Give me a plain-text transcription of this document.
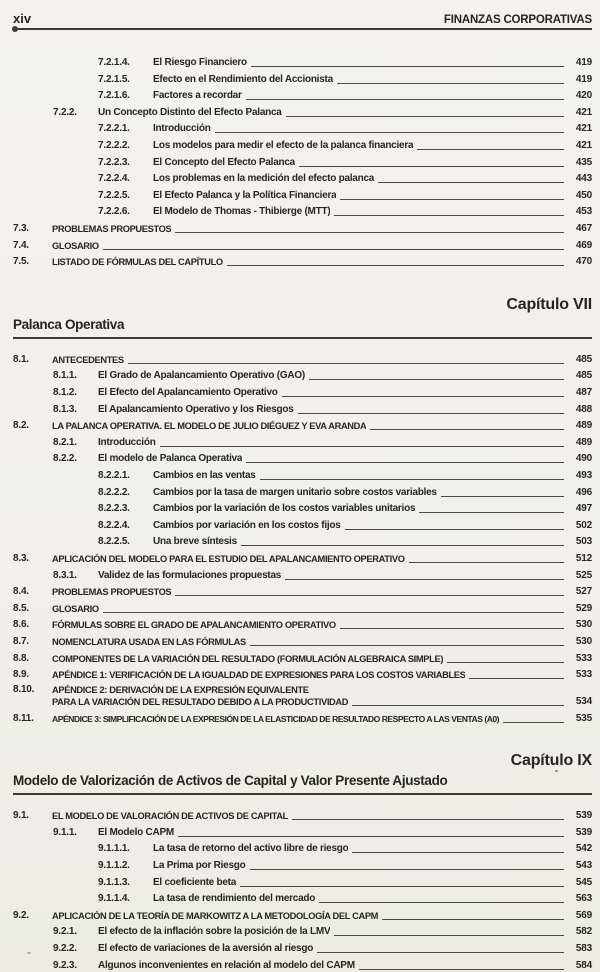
xiv	FINANZAS CORPORATIVAS
7.2.1.4.	El Riesgo Financiero	419
7.2.1.5.	Efecto en el Rendimiento del Accionista	419
7.2.1.6.	Factores a recordar	420
7.2.2.	Un Concepto Distinto del Efecto Palanca	421
7.2.2.1.	Introducción	421
7.2.2.2.	Los modelos para medir el efecto de la palanca financiera	421
7.2.2.3.	El Concepto del Efecto Palanca	435
7.2.2.4.	Los problemas en la medición del efecto palanca	443
7.2.2.5.	El Efecto Palanca y la Política Financiera	450
7.2.2.6.	El Modelo de Thomas - Thibierge (MTT)	453
7.3.	PROBLEMAS PROPUESTOS	467
7.4.	GLOSARIO	469
7.5.	LISTADO DE FÓRMULAS DEL CAPÍTULO	470
Capítulo VII
Palanca Operativa
8.1.	ANTECEDENTES	485
8.1.1.	El Grado de Apalancamiento Operativo (GAO)	485
8.1.2.	El Efecto del Apalancamiento Operativo	487
8.1.3.	El Apalancamiento Operativo y los Riesgos	488
8.2.	LA PALANCA OPERATIVA. EL MODELO DE JULIO DIÉGUEZ Y EVA ARANDA	489
8.2.1.	Introducción	489
8.2.2.	El modelo de Palanca Operativa	490
8.2.2.1.	Cambios en las ventas	493
8.2.2.2.	Cambios por la tasa de margen unitario sobre costos variables	496
8.2.2.3.	Cambios por la variación de los costos variables unitarios	497
8.2.2.4.	Cambios por variación en los costos fijos	502
8.2.2.5.	Una breve síntesis	503
8.3.	APLICACIÓN DEL MODELO PARA EL ESTUDIO DEL APALANCAMIENTO OPERATIVO	512
8.3.1.	Validez de las formulaciones propuestas	525
8.4.	PROBLEMAS PROPUESTOS	527
8.5.	GLOSARIO	529
8.6.	FÓRMULAS SOBRE EL GRADO DE APALANCAMIENTO OPERATIVO	530
8.7.	NOMENCLATURA USADA EN LAS FÓRMULAS	530
8.8.	COMPONENTES DE LA VARIACIÓN DEL RESULTADO (FORMULACIÓN ALGEBRAICA SIMPLE)	533
8.9.	APÉNDICE 1: VERIFICACIÓN DE LA IGUALDAD DE EXPRESIONES PARA LOS COSTOS VARIABLES	533
8.10.	APÉNDICE 2: DERIVACIÓN DE LA EXPRESIÓN EQUIVALENTE
PARA LA VARIACIÓN DEL RESULTADO DEBIDO A LA PRODUCTIVIDAD	534
8.11.	APÉNDICE 3: SIMPLIFICACIÓN DE LA EXPRESIÓN DE LA ELASTICIDAD DE RESULTADO RESPECTO A LAS VENTAS (A0)	535
Capítulo IX
Modelo de Valorización de Activos de Capital y Valor Presente Ajustado
9.1.	EL MODELO DE VALORACIÓN DE ACTIVOS DE CAPITAL	539
9.1.1.	El Modelo CAPM	539
9.1.1.1.	La tasa de retorno del activo libre de riesgo	542
9.1.1.2.	La Prima por Riesgo	543
9.1.1.3.	El coeficiente beta	545
9.1.1.4.	La tasa de rendimiento del mercado	563
9.2.	APLICACIÓN DE LA TEORÍA DE MARKOWITZ A LA METODOLOGÍA DEL CAPM	569
9.2.1.	El efecto de la inflación sobre la posición de la LMV	582
9.2.2.	El efecto de variaciones de la aversión al riesgo	583
9.2.3.	Algunos inconvenientes en relación al modelo del CAPM	584
